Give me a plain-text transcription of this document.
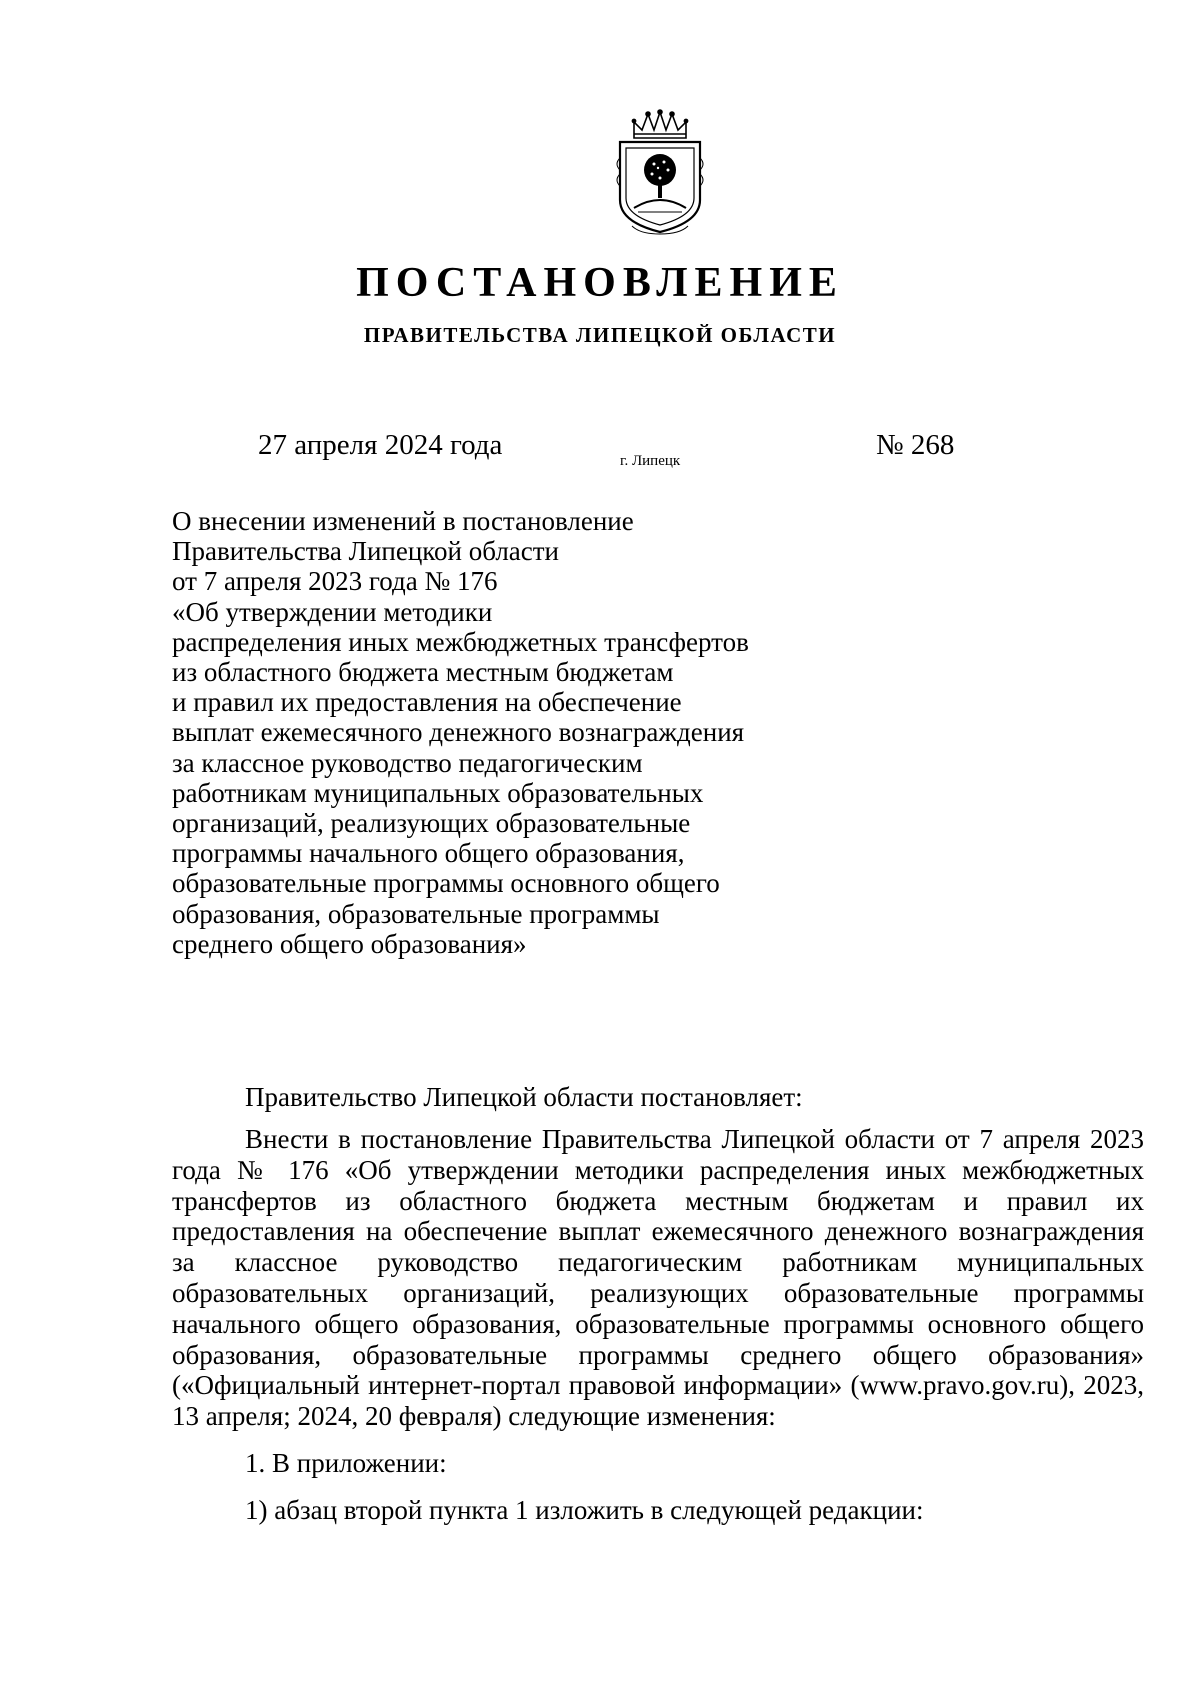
ПОСТАНОВЛЕНИЕ
ПРАВИТЕЛЬСТВА ЛИПЕЦКОЙ ОБЛАСТИ
27 апреля 2024 года	г. Липецк	№ 268
О внесении изменений в постановление
Правительства Липецкой области
от 7 апреля 2023 года № 176
«Об утверждении методики
распределения иных межбюджетных трансфертов
из областного бюджета местным бюджетам
и правил их предоставления на обеспечение
выплат ежемесячного денежного вознаграждения
за классное руководство педагогическим
работникам муниципальных образовательных
организаций, реализующих образовательные
программы начального общего образования,
образовательные программы основного общего
образования, образовательные программы
среднего общего образования»
Правительство Липецкой области постановляет:
Внести в постановление Правительства Липецкой области от 7 апреля 2023 года № 176 «Об утверждении методики распределения иных межбюджетных трансфертов из областного бюджета местным бюджетам и правил их предоставления на обеспечение выплат ежемесячного денежного вознаграждения за классное руководство педагогическим работникам муниципальных образовательных организаций, реализующих образовательные программы начального общего образования, образовательные программы основного общего образования, образовательные программы среднего общего образования» («Официальный интернет-портал правовой информации» (www.pravo.gov.ru), 2023, 13 апреля; 2024, 20 февраля) следующие изменения:
1. В приложении:
1) абзац второй пункта 1 изложить в следующей редакции:
